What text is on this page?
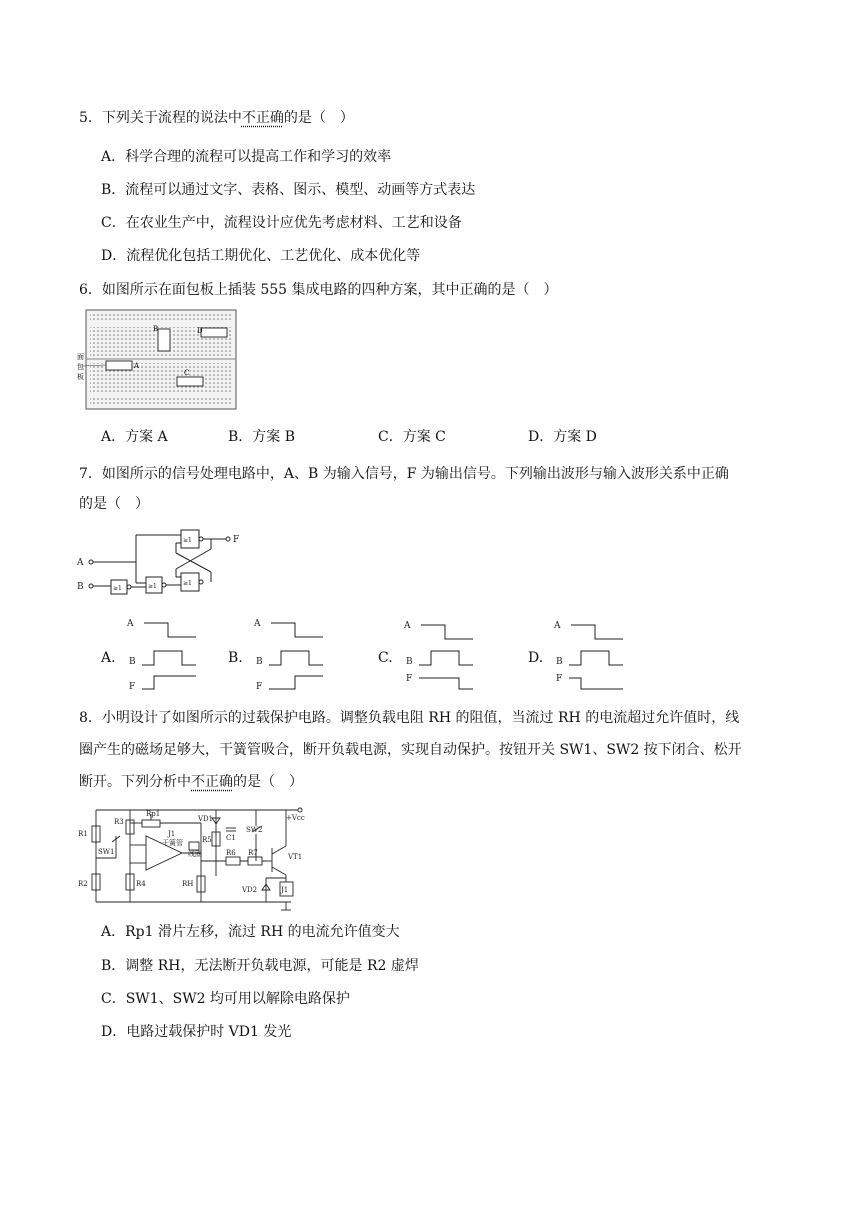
5．下列关于流程的说法中不正确的是（　）
A．科学合理的流程可以提高工作和学习的效率
B．流程可以通过文字、表格、图示、模型、动画等方式表达
C．在农业生产中，流程设计应优先考虑材料、工艺和设备
D．流程优化包括工期优化、工艺优化、成本优化等
6．如图所示在面包板上插装 555 集成电路的四种方案，其中正确的是（　）
B	D
A
C
面
包
板
A．方案 A	B．方案 B	C．方案 C	D．方案 D
7．如图所示的信号处理电路中，A、B 为输入信号，F 为输出信号。下列输出波形与输入波形关系中正确
的是（　）
A
B	≥1	≥1
≥1
≥1
F
A.	B.	C.	D.
A
B
F
A
B
F
A
B
F
A
B
F
8．小明设计了如图所示的过载保护电路。调整负载电阻 RH 的阻值，当流过 RH 的电流超过允许值时，线
圈产生的磁场足够大，干簧管吸合，断开负载电源，实现自动保护。按钮开关 SW1、SW2 按下闭合、松开
断开。下列分析中不正确的是（　）
R1
R3
Rp1
J1
VD1
R5 C1
SW2
+Vcc
SW1
干簧管
线圈	R6 R7	VT1
R2	R4	RH
VD2	J1
A．Rp1 滑片左移，流过 RH 的电流允许值变大
B．调整 RH，无法断开负载电源，可能是 R2 虚焊
C．SW1、SW2 均可用以解除电路保护
D．电路过载保护时 VD1 发光
